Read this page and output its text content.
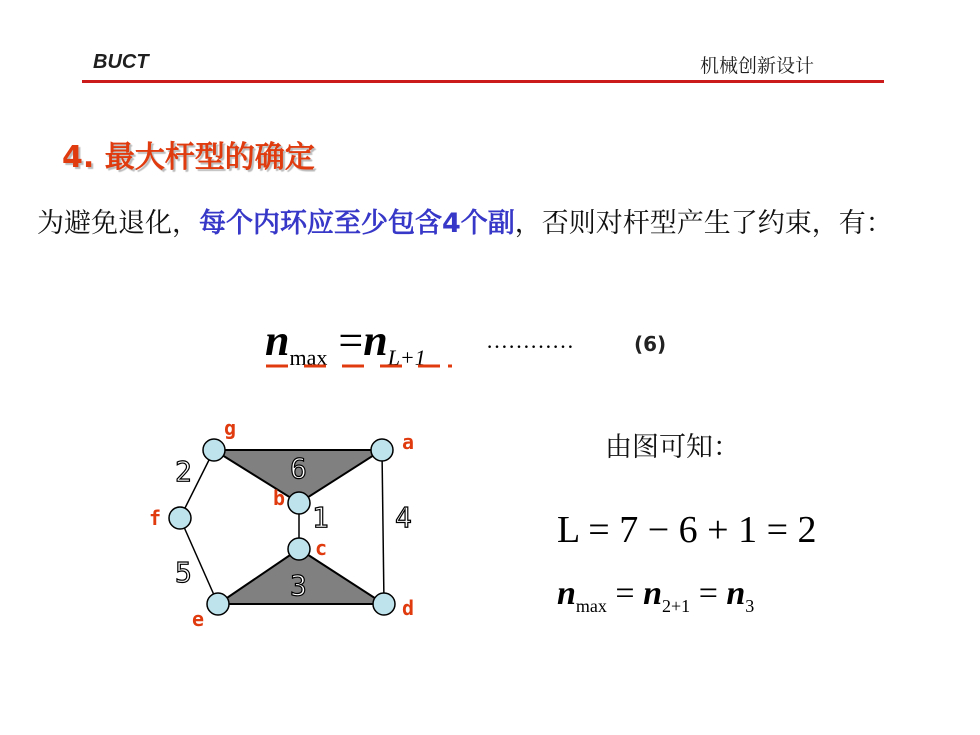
BUCT	机械创新设计
4. 最大杆型的确定
为避免退化，每个内环应至少包含4个副，否则对杆型产生了约束，有：
$n_{max} =n_{L+1}$
…………	(6)
g
a
b
f
c
e	d
2	6
1 4
5	3
由图可知：
L = 7 − 6 + 1 = 2
$n_{max} = n_{2+1} = n_3$
